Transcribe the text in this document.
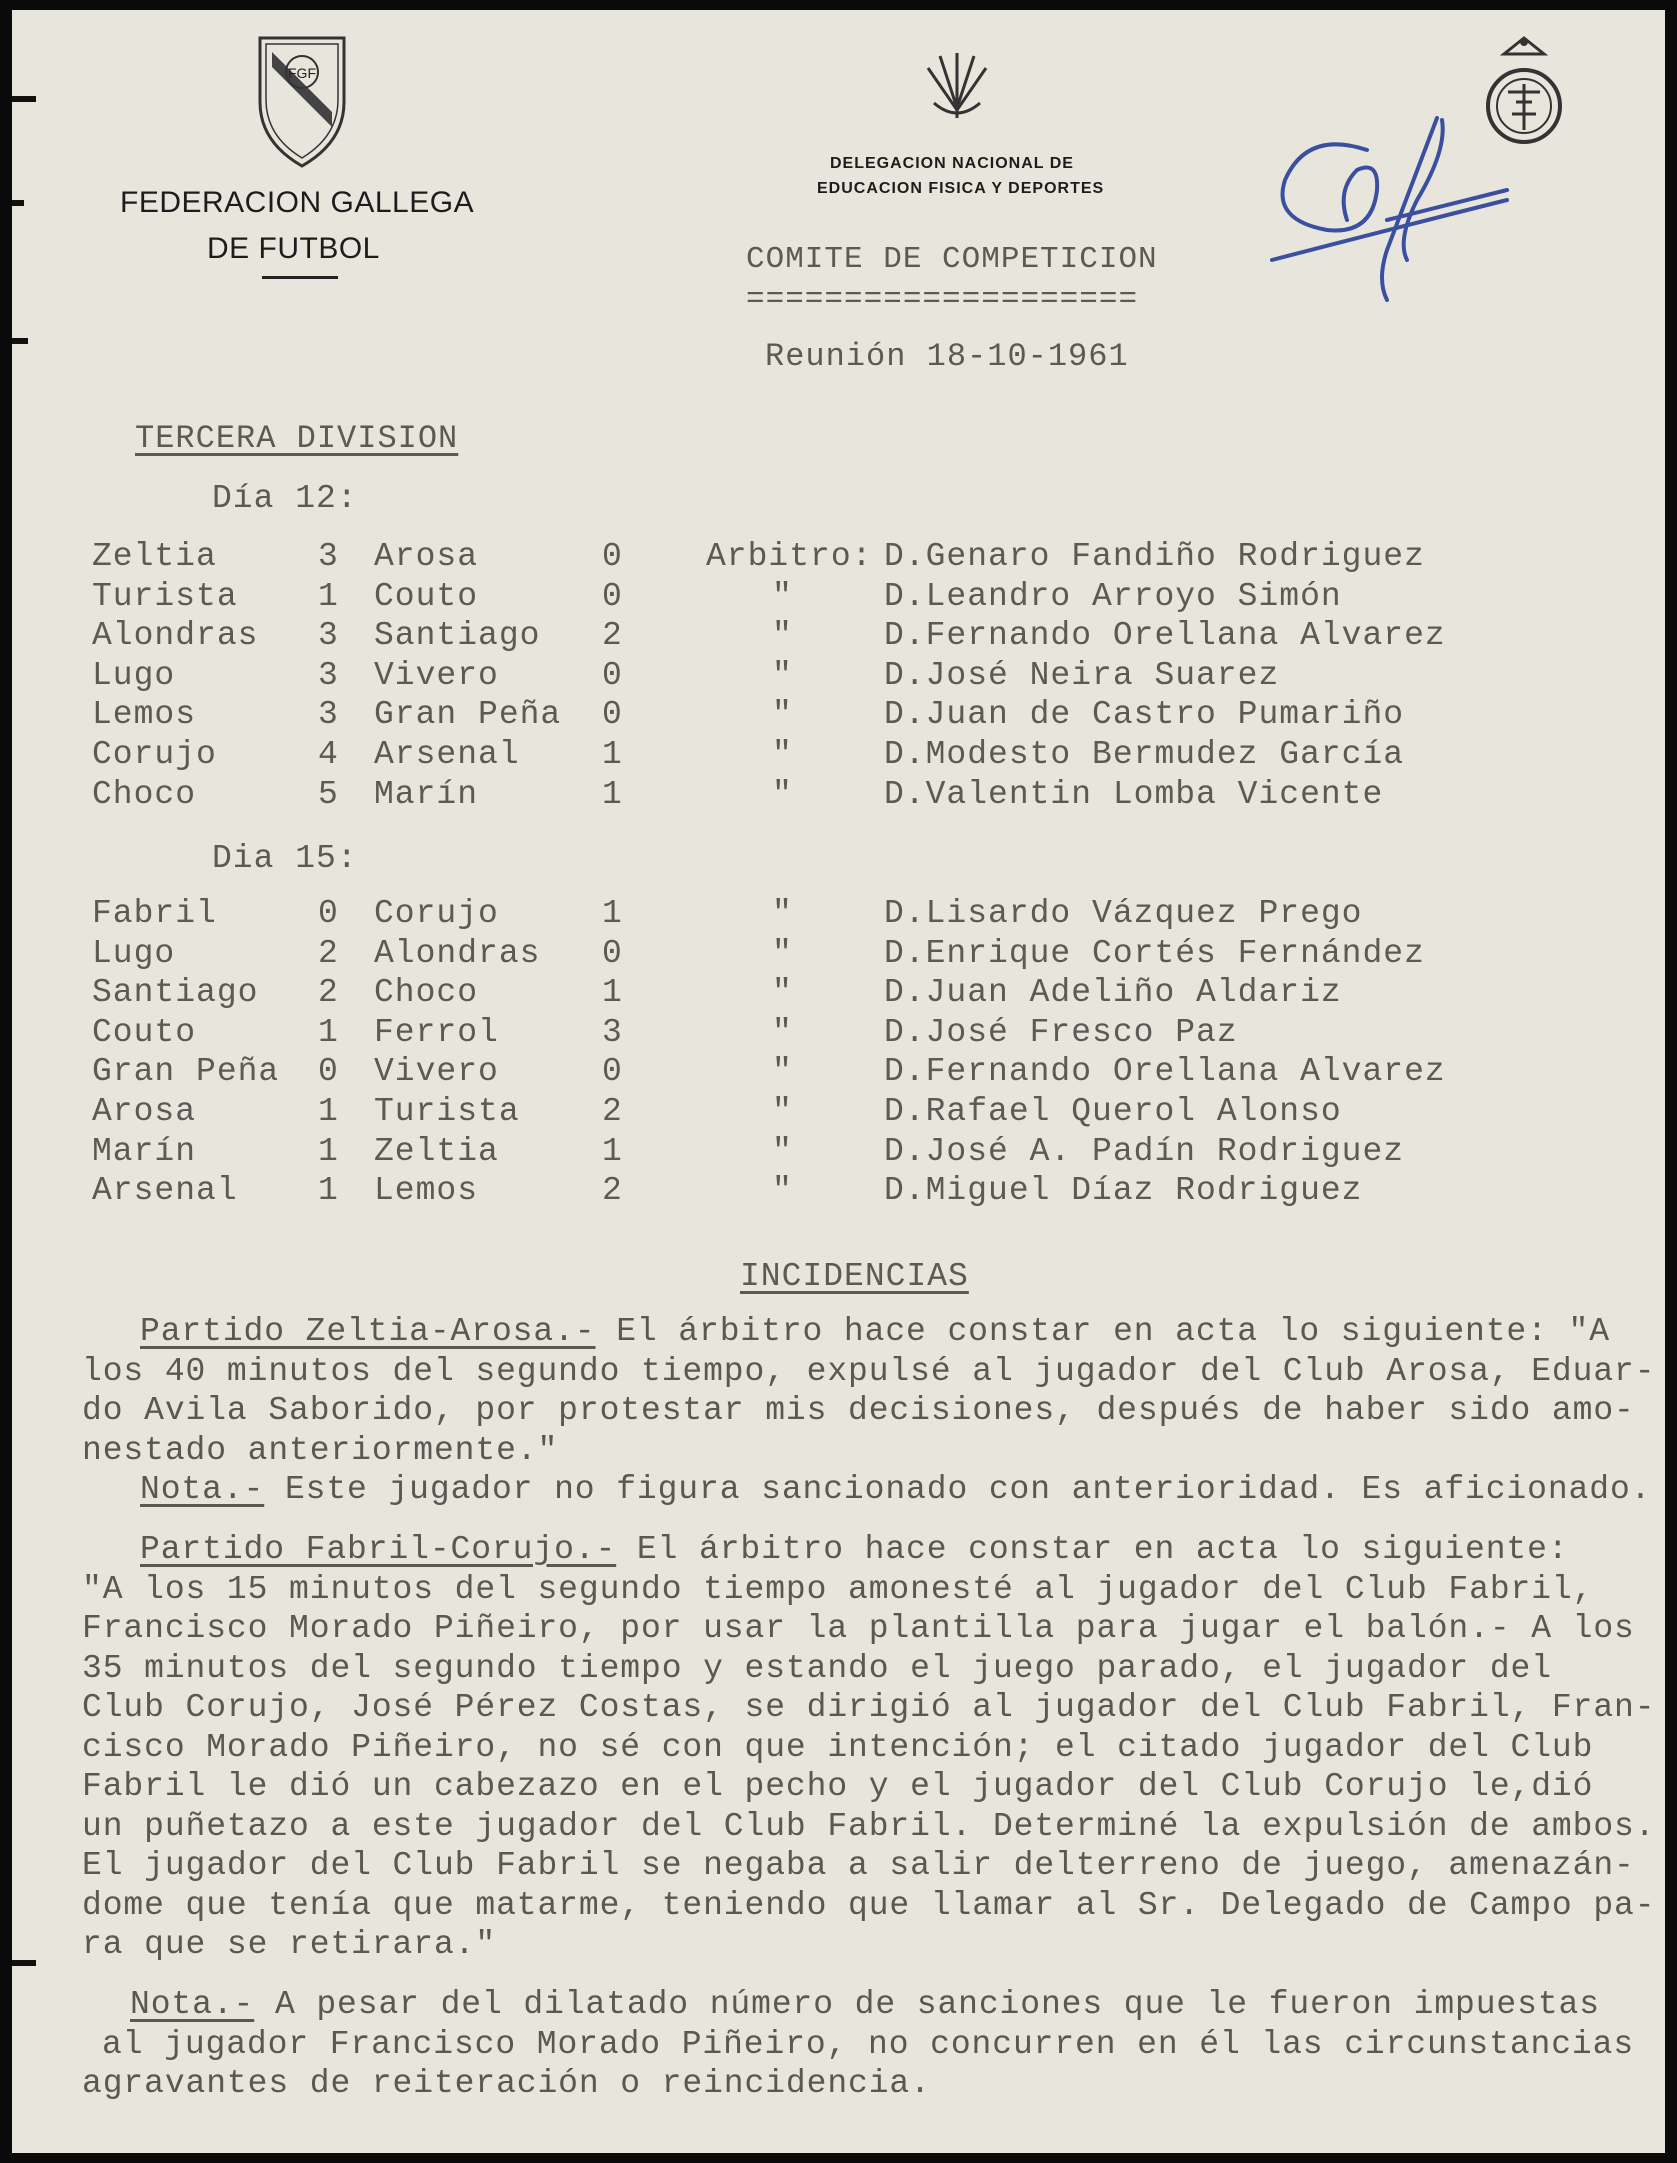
FGF
FEDERACION GALLEGA
DE FUTBOL
DELEGACION NACIONAL DE
EDUCACION FISICA Y DEPORTES
COMITE DE COMPETICION
====================
Reunión 18-10-1961
TERCERA DIVISION
Día 12:
Zeltia	3 Arosa	0	Arbitro: D.Genaro Fandiño Rodriguez
Turista 1 Couto	0	"	D.Leandro Arroyo Simón
Alondras 3 Santiago 2	"	D.Fernando Orellana Alvarez
Lugo	3 Vivero	0	"	D.José Neira Suarez
Lemos	3 Gran Peña 0	"	D.Juan de Castro Pumariño
Corujo	4 Arsenal 1	"	D.Modesto Bermudez García
Choco	5 Marín	1	"	D.Valentin Lomba Vicente
Dia 15:
Fabril	0 Corujo	1	"	D.Lisardo Vázquez Prego
Lugo	2 Alondras 0	"	D.Enrique Cortés Fernández
Santiago 2 Choco	1	"	D.Juan Adeliño Aldariz
Couto	1 Ferrol	3	"	D.José Fresco Paz
Gran Peña 0 Vivero	0	"	D.Fernando Orellana Alvarez
Arosa	1 Turista 2	"	D.Rafael Querol Alonso
Marín	1 Zeltia	1	"	D.José A. Padín Rodriguez
Arsenal 1 Lemos	2	"	D.Miguel Díaz Rodriguez
INCIDENCIAS
Partido Zeltia-Arosa.- El árbitro hace constar en acta lo siguiente: "A
los 40 minutos del segundo tiempo, expulsé al jugador del Club Arosa, Eduar-
do Avila Saborido, por protestar mis decisiones, después de haber sido amo-
nestado anteriormente."
Nota.- Este jugador no figura sancionado con anterioridad. Es aficionado.
Partido Fabril-Corujo.- El árbitro hace constar en acta lo siguiente:
"A los 15 minutos del segundo tiempo amonesté al jugador del Club Fabril,
Francisco Morado Piñeiro, por usar la plantilla para jugar el balón.- A los
35 minutos del segundo tiempo y estando el juego parado, el jugador del
Club Corujo, José Pérez Costas, se dirigió al jugador del Club Fabril, Fran-
cisco Morado Piñeiro, no sé con que intención; el citado jugador del Club
Fabril le dió un cabezazo en el pecho y el jugador del Club Corujo le,dió
un puñetazo a este jugador del Club Fabril. Determiné la expulsión de ambos.
El jugador del Club Fabril se negaba a salir delterreno de juego, amenazán-
dome que tenía que matarme, teniendo que llamar al Sr. Delegado de Campo pa-
ra que se retirara."
Nota.- A pesar del dilatado número de sanciones que le fueron impuestas
al jugador Francisco Morado Piñeiro, no concurren en él las circunstancias
agravantes de reiteración o reincidencia.
